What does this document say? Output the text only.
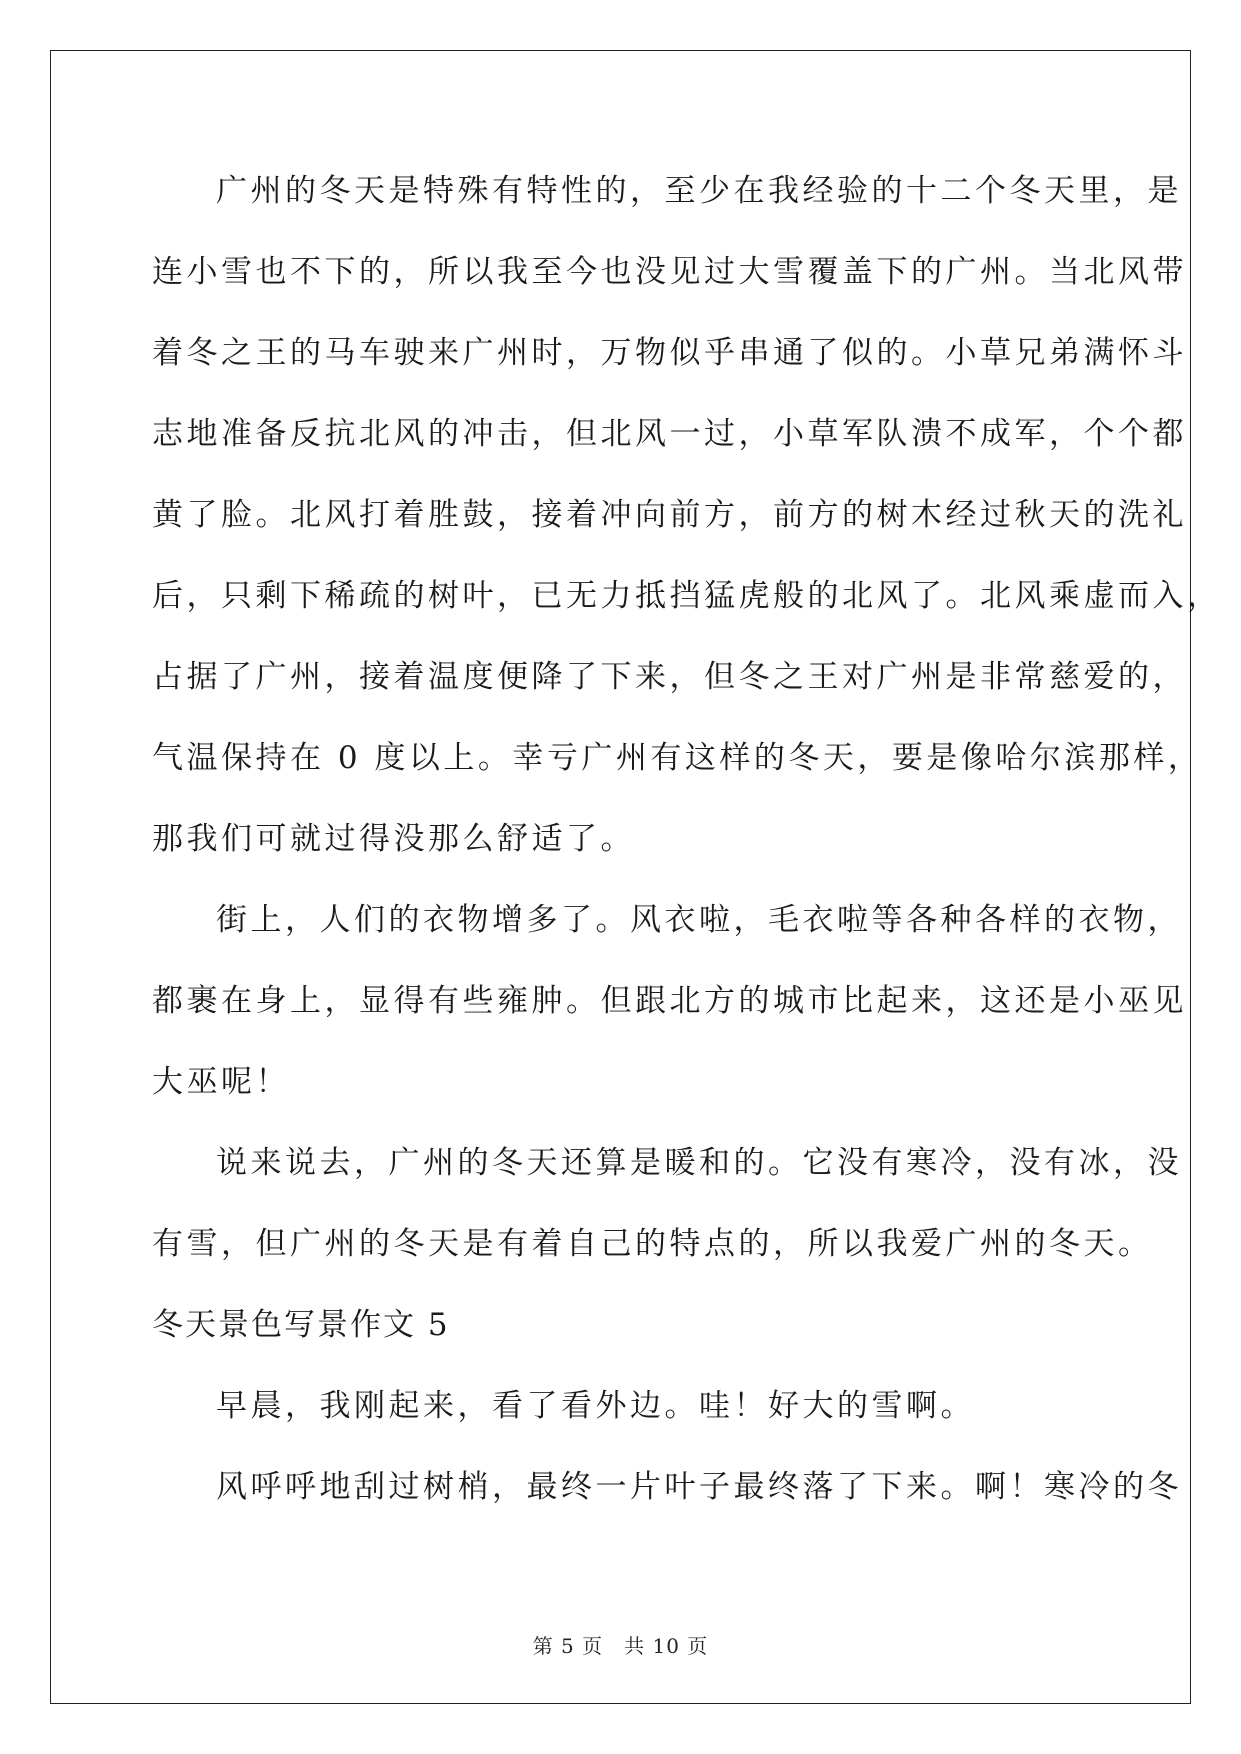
广州的冬天是特殊有特性的，至少在我经验的十二个冬天里，是
连小雪也不下的，所以我至今也没见过大雪覆盖下的广州。当北风带
着冬之王的马车驶来广州时，万物似乎串通了似的。小草兄弟满怀斗
志地准备反抗北风的冲击，但北风一过，小草军队溃不成军，个个都
黄了脸。北风打着胜鼓，接着冲向前方，前方的树木经过秋天的洗礼
后，只剩下稀疏的树叶，已无力抵挡猛虎般的北风了。北风乘虚而入，
占据了广州，接着温度便降了下来，但冬之王对广州是非常慈爱的，
气温保持在 0 度以上。幸亏广州有这样的冬天，要是像哈尔滨那样，
那我们可就过得没那么舒适了。
街上，人们的衣物增多了。风衣啦，毛衣啦等各种各样的衣物，
都裹在身上，显得有些雍肿。但跟北方的城市比起来，这还是小巫见
大巫呢！
说来说去，广州的冬天还算是暖和的。它没有寒冷，没有冰，没
有雪，但广州的冬天是有着自己的特点的，所以我爱广州的冬天。
冬天景色写景作文 5
早晨，我刚起来，看了看外边。哇！好大的雪啊。
风呼呼地刮过树梢，最终一片叶子最终落了下来。啊！寒冷的冬
第 5 页　共 10 页
